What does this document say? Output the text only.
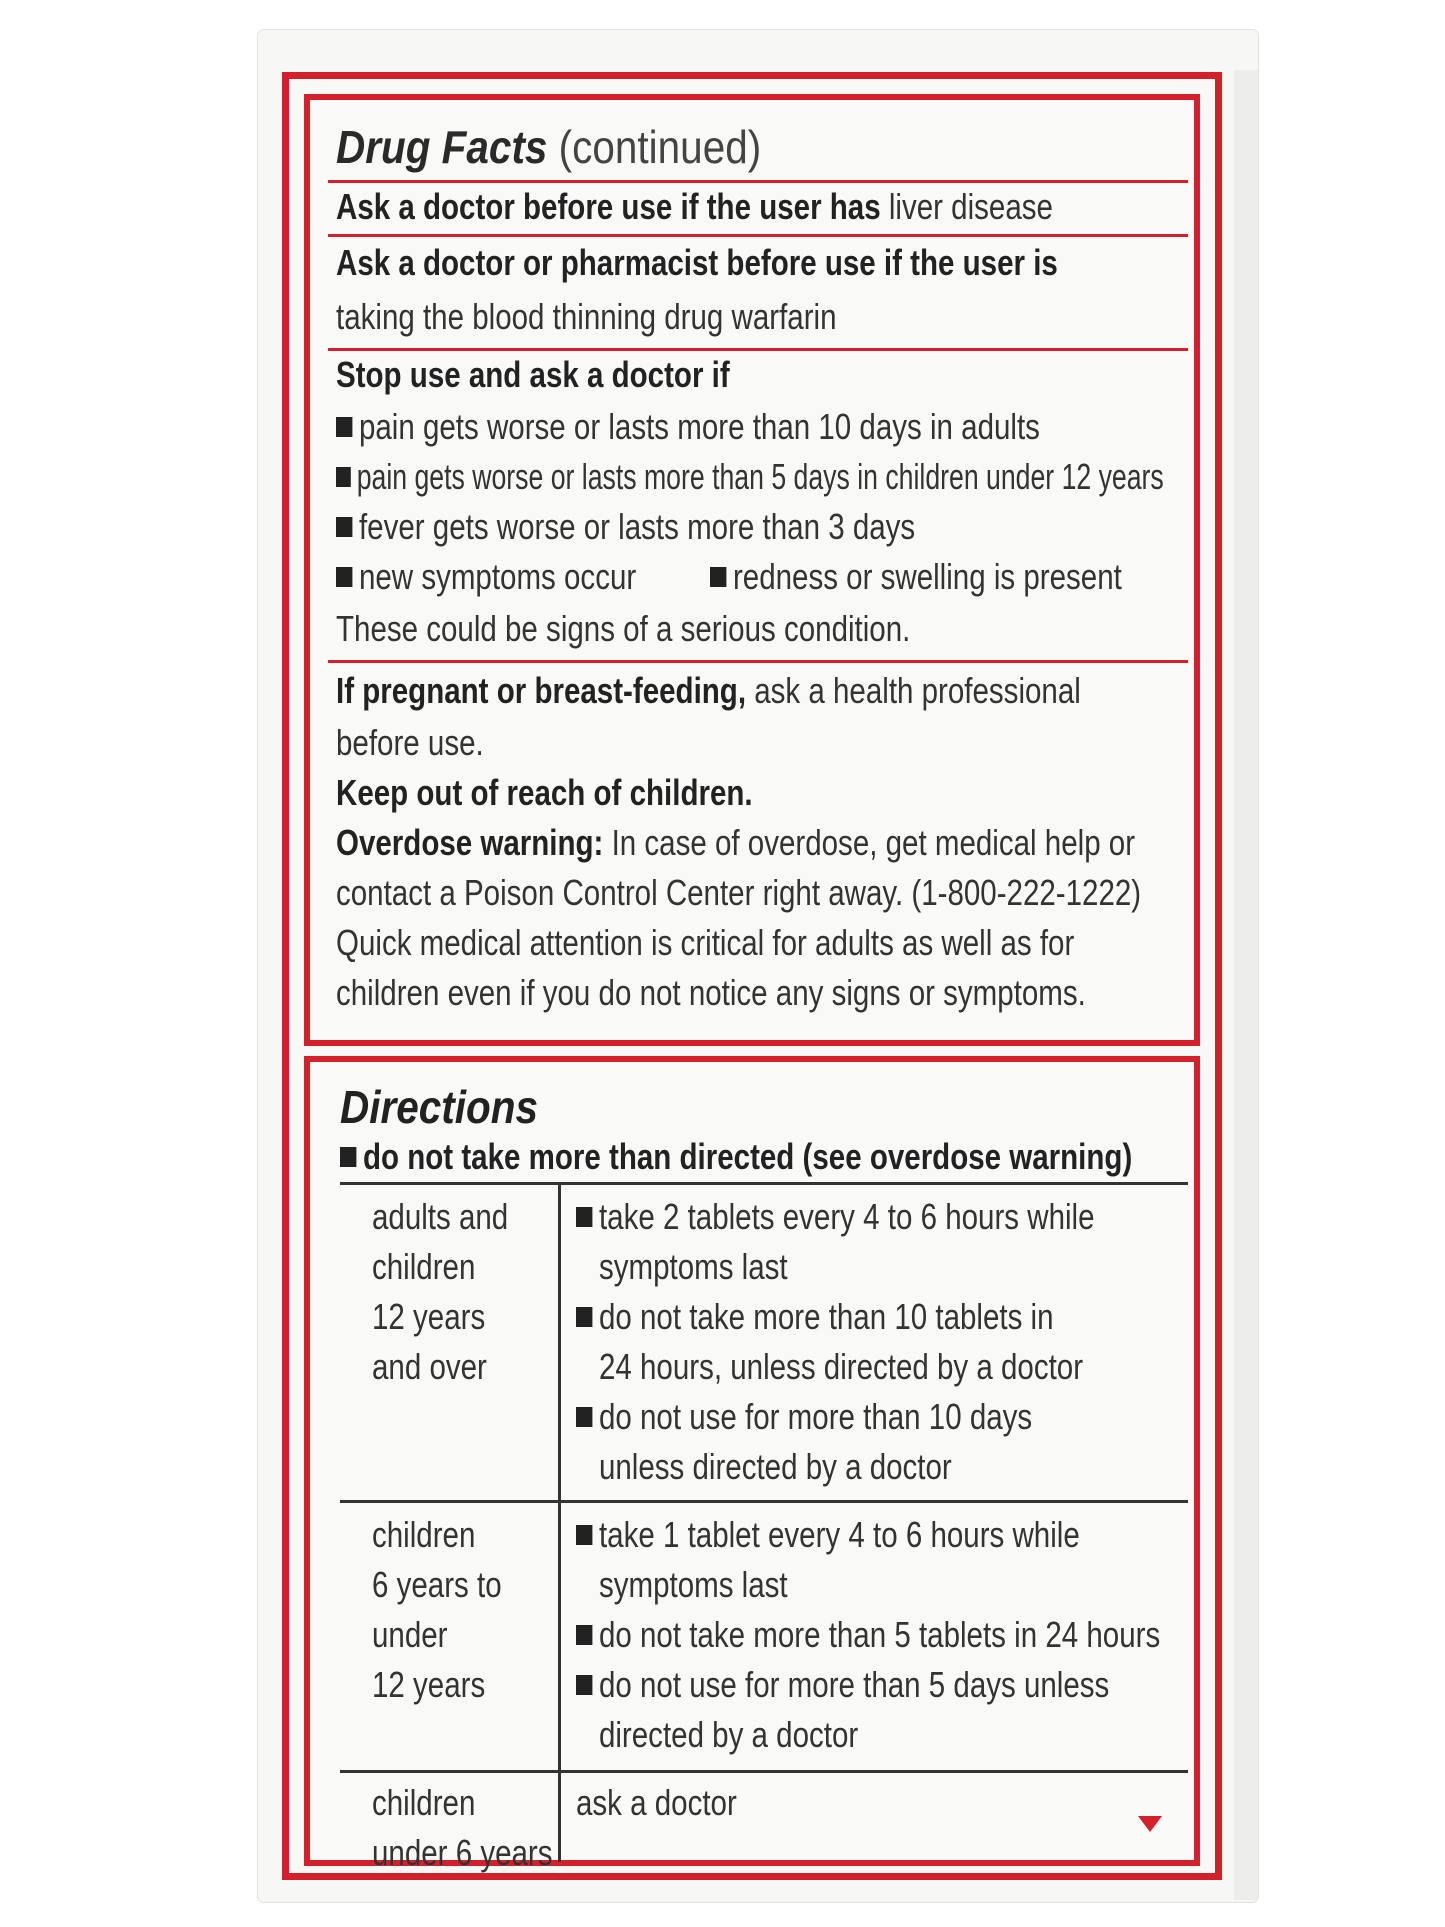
Drug Facts (continued)
Ask a doctor before use if the user has liver disease
Ask a doctor or pharmacist before use if the user is
taking the blood thinning drug warfarin
Stop use and ask a doctor if
pain gets worse or lasts more than 10 days in adults
pain gets worse or lasts more than 5 days in children under 12 years
fever gets worse or lasts more than 3 days
new symptoms occur	redness or swelling is present
These could be signs of a serious condition.
If pregnant or breast-feeding, ask a health professional
before use.
Keep out of reach of children.
Overdose warning: In case of overdose, get medical help or
contact a Poison Control Center right away. (1-800-222-1222)
Quick medical attention is critical for adults as well as for
children even if you do not notice any signs or symptoms.
Directions
do not take more than directed (see overdose warning)
adults and
children
12 years
and over
take 2 tablets every 4 to 6 hours while
symptoms last
do not take more than 10 tablets in
24 hours, unless directed by a doctor
do not use for more than 10 days
unless directed by a doctor
children
6 years to
under
12 years
take 1 tablet every 4 to 6 hours while
symptoms last
do not take more than 5 tablets in 24 hours
do not use for more than 5 days unless
directed by a doctor
children
under 6 years
ask a doctor
